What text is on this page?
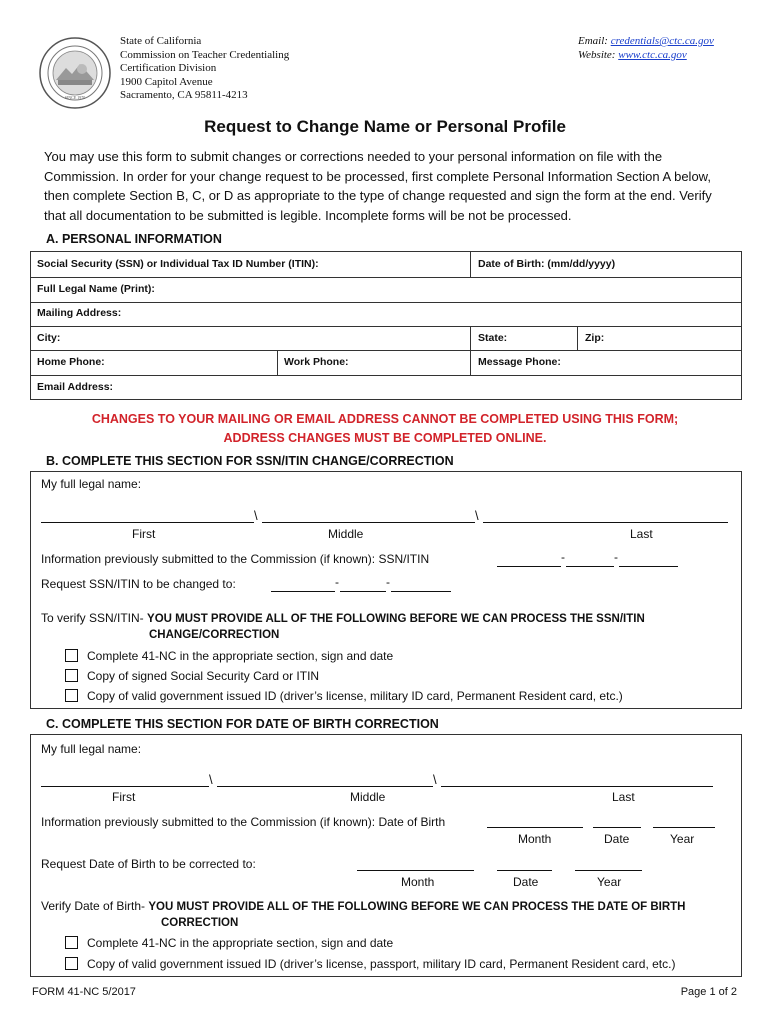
SINCE 1970
State of California
Commission on Teacher Credentialing
Certification Division
1900 Capitol Avenue
Sacramento, CA 95811-4213
Email: credentials@ctc.ca.gov
Website: www.ctc.ca.gov
Request to Change Name or Personal Profile
You may use this form to submit changes or corrections needed to your personal information on file with the Commission. In order for your change request to be processed, first complete Personal Information Section A below, then complete Section B, C, or D as appropriate to the type of change requested and sign the form at the end. Verify that all documentation to be submitted is legible. Incomplete forms will be not be processed.
A. PERSONAL INFORMATION
Social Security (SSN) or Individual Tax ID Number (ITIN):	Date of Birth: (mm/dd/yyyy)
Full Legal Name (Print):
Mailing Address:
City:	State:	Zip:
Home Phone:	Work Phone:	Message Phone:
Email Address:
CHANGES TO YOUR MAILING OR EMAIL ADDRESS CANNOT BE COMPLETED USING THIS FORM;
ADDRESS CHANGES MUST BE COMPLETED ONLINE.
B. COMPLETE THIS SECTION FOR SSN/ITIN CHANGE/CORRECTION
My full legal name:
\	\
First	Middle	Last
Information previously submitted to the Commission (if known): SSN/ITIN	-	-
Request SSN/ITIN to be changed to:	-	-
To verify SSN/ITIN- YOU MUST PROVIDE ALL OF THE FOLLOWING BEFORE WE CAN PROCESS THE SSN/ITIN
CHANGE/CORRECTION
Complete 41-NC in the appropriate section, sign and date
Copy of signed Social Security Card or ITIN
Copy of valid government issued ID (driver’s license, military ID card, Permanent Resident card, etc.)
C. COMPLETE THIS SECTION FOR DATE OF BIRTH CORRECTION
My full legal name:
\	\
First	Middle	Last
Information previously submitted to the Commission (if known): Date of Birth
Month	Date	Year
Request Date of Birth to be corrected to:
Month	Date	Year
Verify Date of Birth- YOU MUST PROVIDE ALL OF THE FOLLOWING BEFORE WE CAN PROCESS THE DATE OF BIRTH
CORRECTION
Complete 41-NC in the appropriate section, sign and date
Copy of valid government issued ID (driver’s license, passport, military ID card, Permanent Resident card, etc.)
FORM 41-NC 5/2017	Page 1 of 2
